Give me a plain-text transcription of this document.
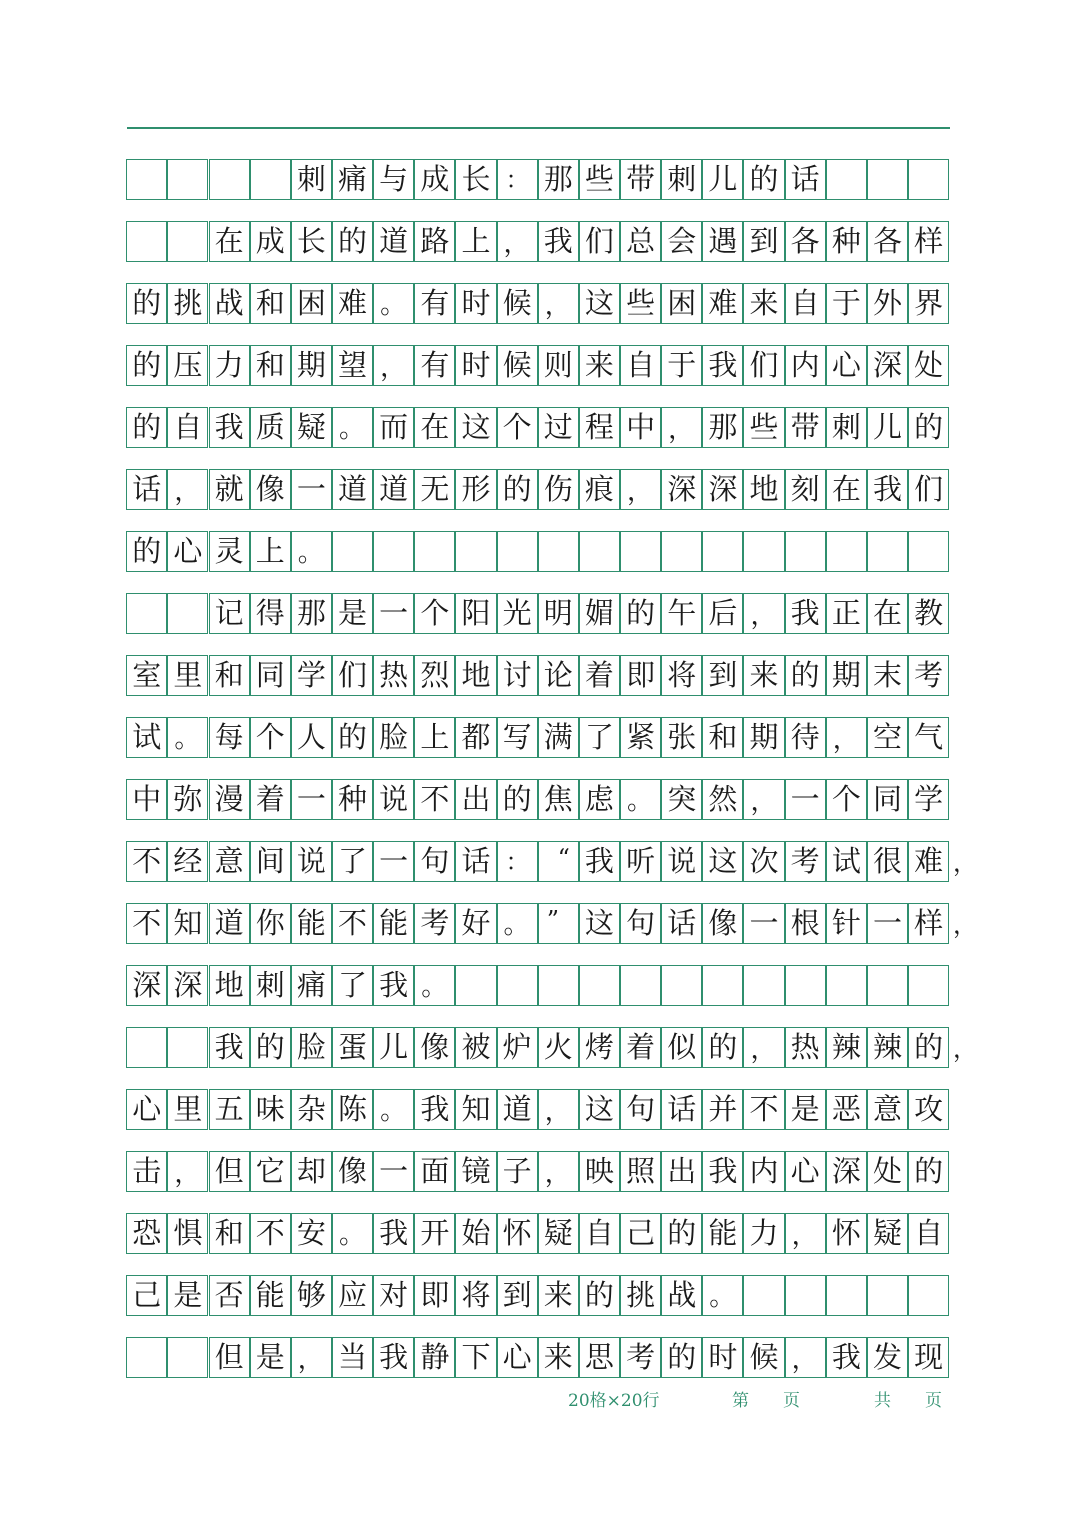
刺 痛 与 成 长 ： 那 些 带 刺 儿 的 话
在 成 长 的 道 路 上 ， 我 们 总 会 遇 到 各 种 各 样
的 挑 战 和 困 难 。 有 时 候 ， 这 些 困 难 来 自 于 外 界
的 压 力 和 期 望 ， 有 时 候 则 来 自 于 我 们 内 心 深 处
的 自 我 质 疑 。 而 在 这 个 过 程 中 ， 那 些 带 刺 儿 的
话 ， 就 像 一 道 道 无 形 的 伤 痕 ， 深 深 地 刻 在 我 们
的 心 灵 上 。
记 得 那 是 一 个 阳 光 明 媚 的 午 后 ， 我 正 在 教
室 里 和 同 学 们 热 烈 地 讨 论 着 即 将 到 来 的 期 末 考
试 。 每 个 人 的 脸 上 都 写 满 了 紧 张 和 期 待 ， 空 气
中 弥 漫 着 一 种 说 不 出 的 焦 虑 。 突 然 ， 一 个 同 学
不 经 意 间 说 了 一 句 话 ：	“ 我 听 说 这 次 考 试 很 难
不 知 道 你 能 不 能 考 好 。 ” 这 句 话 像 一 根 针 一 样
深 深 地 刺 痛 了 我 。
我 的 脸 蛋 儿 像 被 炉 火 烤 着 似 的 ， 热 辣 辣 的
心 里 五 味 杂 陈 。 我 知 道 ， 这 句 话 并 不 是 恶 意 攻
击 ， 但 它 却 像 一 面 镜 子 ， 映 照 出 我 内 心 深 处 的
恐 惧 和 不 安 。 我 开 始 怀 疑 自 己 的 能 力 ， 怀 疑 自
己 是 否 能 够 应 对 即 将 到 来 的 挑 战 。
但 是 ， 当 我 静 下 心 来 思 考 的 时 候 ， 我 发 现
20格×20行	第　　页	共　　页
，
，
，
